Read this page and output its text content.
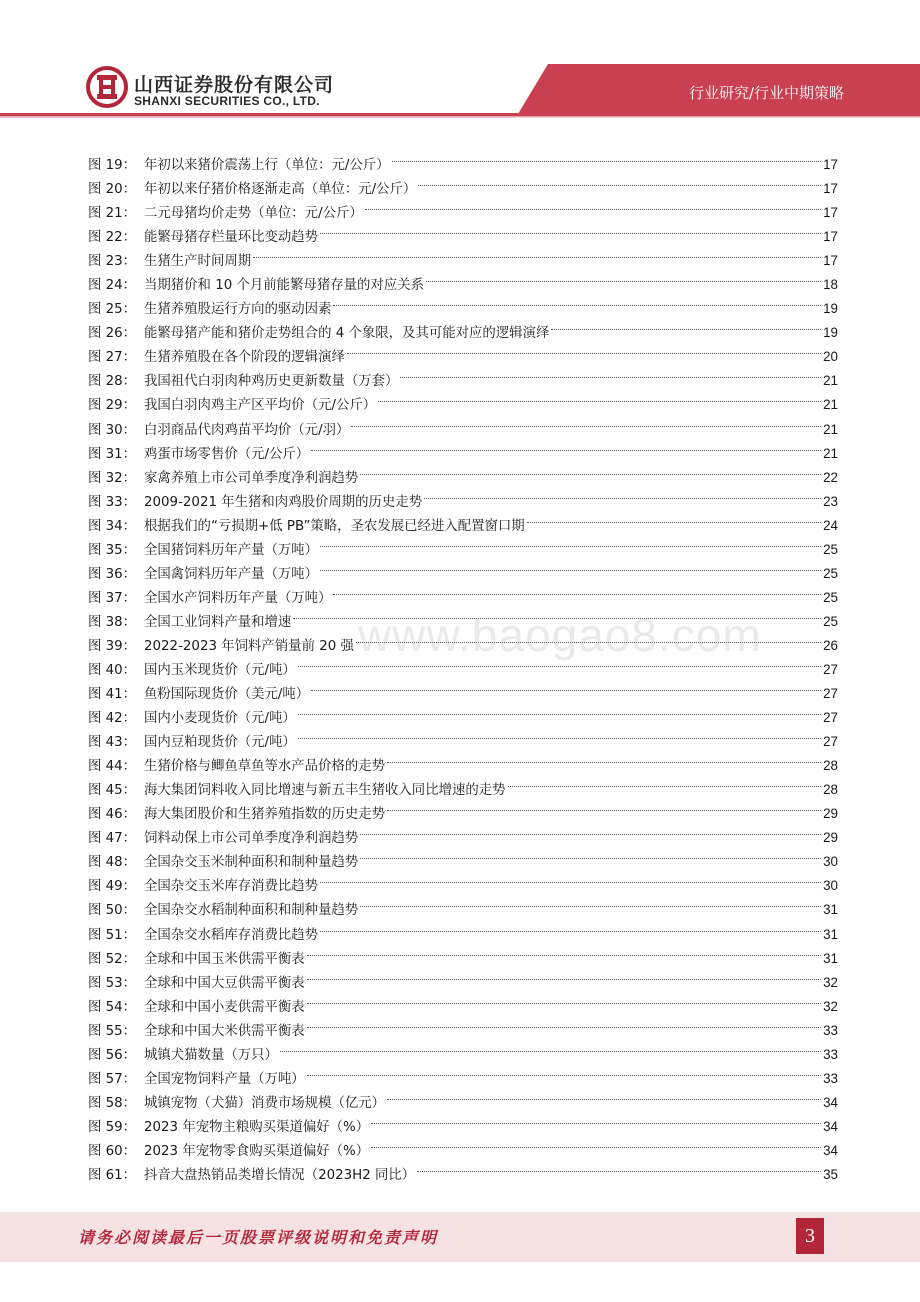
山西证券股份有限公司
SHANXI SECURITIES CO., LTD.	行业研究/行业中期策略
图 19： 年初以来猪价震荡上行（单位：元/公斤）	17
图 20： 年初以来仔猪价格逐渐走高（单位：元/公斤）	17
图 21： 二元母猪均价走势（单位：元/公斤）	17
图 22： 能繁母猪存栏量环比变动趋势	17
图 23： 生猪生产时间周期	17
图 24： 当期猪价和 10 个月前能繁母猪存量的对应关系	18
图 25： 生猪养殖股运行方向的驱动因素	19
图 26： 能繁母猪产能和猪价走势组合的 4 个象限，及其可能对应的逻辑演绎	19
图 27： 生猪养殖股在各个阶段的逻辑演绎	20
图 28： 我国祖代白羽肉种鸡历史更新数量（万套）	21
图 29： 我国白羽肉鸡主产区平均价（元/公斤）	21
图 30： 白羽商品代肉鸡苗平均价（元/羽）	21
图 31： 鸡蛋市场零售价（元/公斤）	21
图 32： 家禽养殖上市公司单季度净利润趋势	22
图 33： 2009-2021 年生猪和肉鸡股价周期的历史走势	23
图 34： 根据我们的“亏损期+低 PB”策略，圣农发展已经进入配置窗口期	24
图 35： 全国猪饲料历年产量（万吨）	25
图 36： 全国禽饲料历年产量（万吨）	25
图 37： 全国水产饲料历年产量（万吨）	25
图 38： 全国工业饲料产量和增速	25
图 39： 2022-2023 年饲料产销量前 20 强	26
图 40： 国内玉米现货价（元/吨）	27
图 41： 鱼粉国际现货价（美元/吨）	27
图 42： 国内小麦现货价（元/吨）	27
图 43： 国内豆粕现货价（元/吨）	27
图 44： 生猪价格与鲫鱼草鱼等水产品价格的走势	28
图 45： 海大集团饲料收入同比增速与新五丰生猪收入同比增速的走势	28
图 46： 海大集团股价和生猪养殖指数的历史走势	29
图 47： 饲料动保上市公司单季度净利润趋势	29
图 48： 全国杂交玉米制种面积和制种量趋势	30
图 49： 全国杂交玉米库存消费比趋势	30
图 50： 全国杂交水稻制种面积和制种量趋势	31
图 51： 全国杂交水稻库存消费比趋势	31
图 52： 全球和中国玉米供需平衡表	31
图 53： 全球和中国大豆供需平衡表	32
图 54： 全球和中国小麦供需平衡表	32
图 55： 全球和中国大米供需平衡表	33
图 56： 城镇犬猫数量（万只）	33
图 57： 全国宠物饲料产量（万吨）	33
图 58： 城镇宠物（犬猫）消费市场规模（亿元）	34
图 59： 2023 年宠物主粮购买渠道偏好（%）	34
图 60： 2023 年宠物零食购买渠道偏好（%）	34
图 61： 抖音大盘热销品类增长情况（2023H2 同比）	35
www.baogao8.com
请务必阅读最后一页股票评级说明和免责声明	3
